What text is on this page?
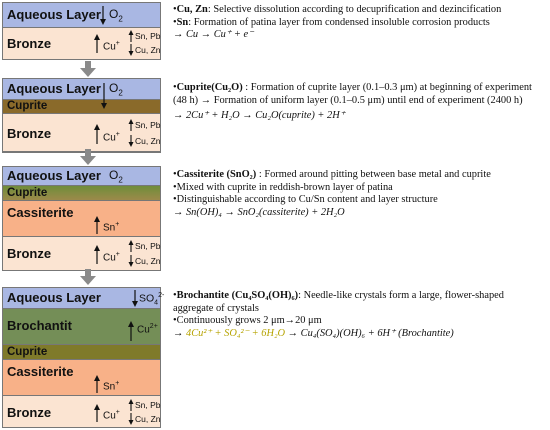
Aqueous Layer $O_2$
Bronze	Cu+
Sn, Pb
Cu, Zn

•Cu, Zn: Selective dissolution according to decuprification and dezincification

•Sn: Formation of patina layer from condensed insoluble corrosion products

→ Cu → Cu⁺ + e⁻

Aqueous Layer $O_2$
Cuprite
Bronze	Cu+
Sn, Pb
Cu, Zn

•Cuprite(Cu₂O) : Formation of cuprite layer (0.1–0.3 μm) at beginning of experiment (48 h) → Formation of uniform layer (0.1–0.5 μm) until end of experiment (2400 h)

→ 2Cu⁺ + H₂O → Cu₂O(cuprite) + 2H⁺

Aqueous Layer $O_2$
Cuprite
Cassiterite
Sn+
Bronze	Cu+
Sn, Pb
Cu, Zn

•Cassiterite (SnO₂) : Formed around pitting between base metal and cuprite

•Mixed with cuprite in reddish-brown layer of patina

•Distinguishable according to Cu/Sn content and layer structure

→ Sn(OH)₄ → SnO₂(cassiterite) + 2H₂O

Aqueous Layer	$SO_4^{2-}$
Brochantit	$Cu^{2+}$
Cuprite
Cassiterite
Sn+
Bronze	Cu+
Sn, Pb
Cu, Zn

•Brochantite (Cu₄SO₄(OH)₆): Needle-like crystals form a large, flower-shaped aggregate of crystals

•Continuously grows 2 μm→20 μm

→ 4Cu²⁺ + SO₄²⁻ + 6H₂O → Cu₄(SO₄)(OH)₆ + 6H⁺ (Brochantite)
